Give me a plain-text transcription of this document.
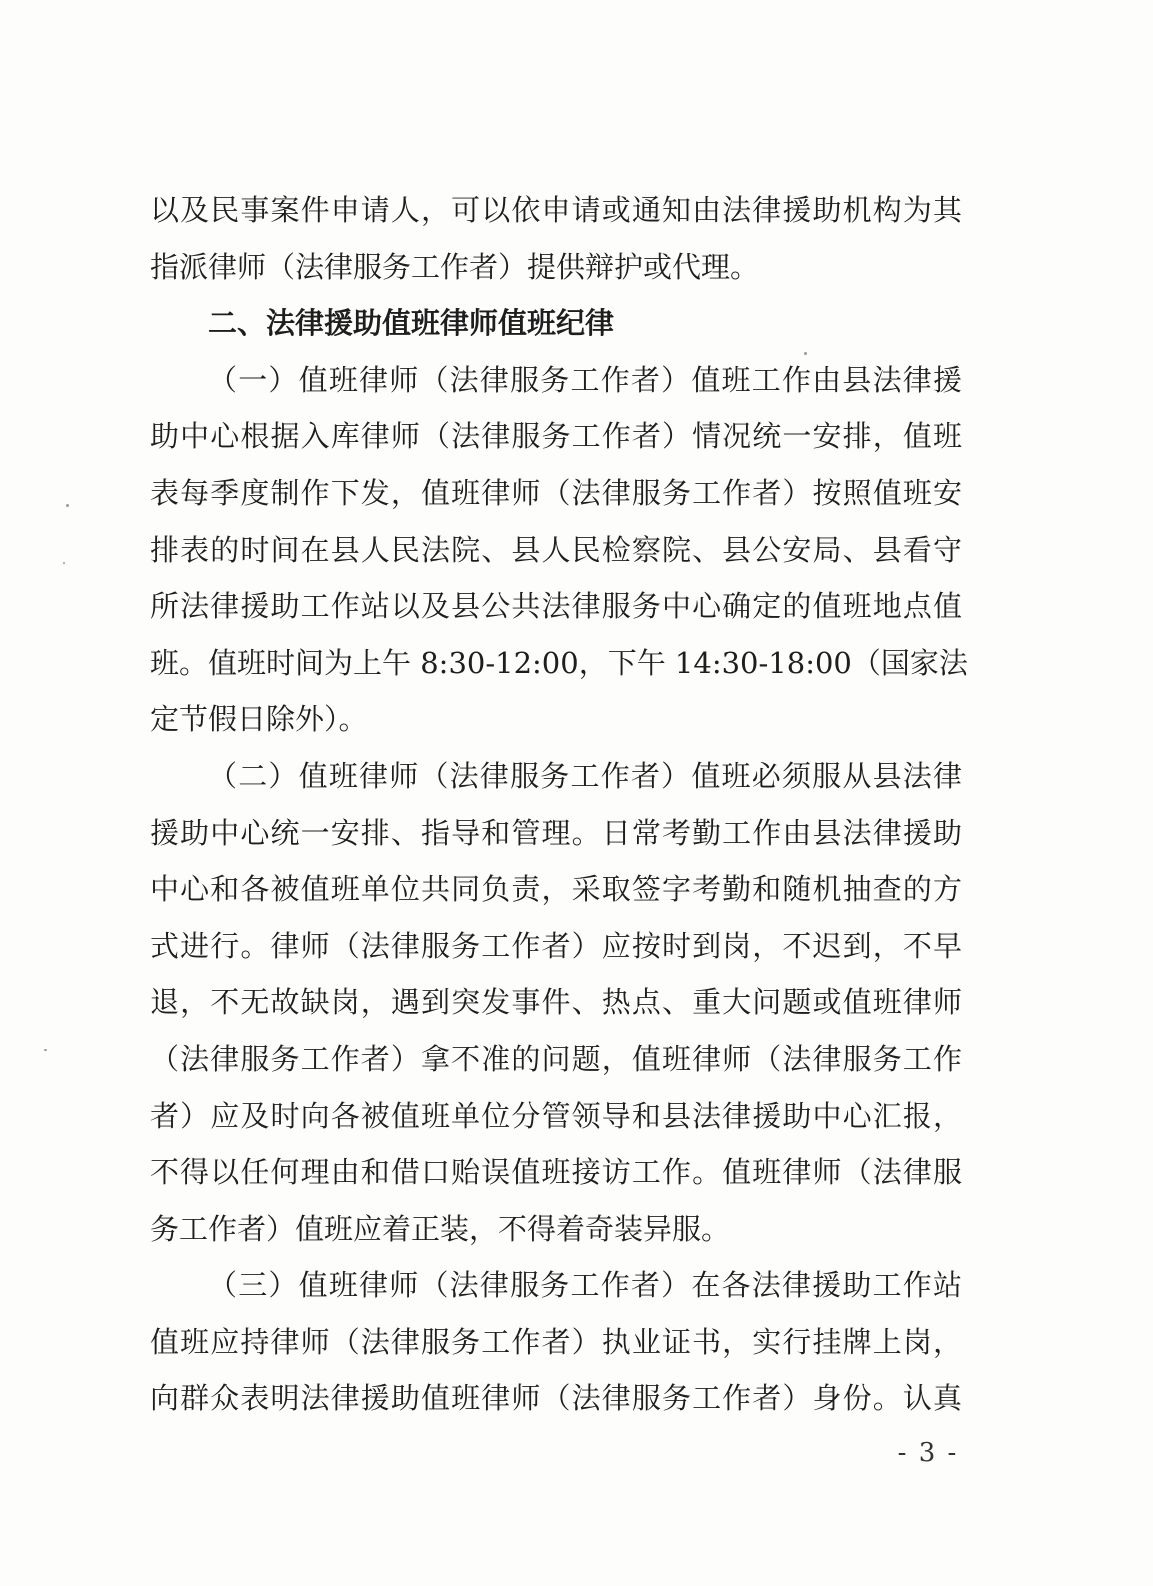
以及民事案件申请人，可以依申请或通知由法律援助机构为其
指派律师（法律服务工作者）提供辩护或代理。
二、法律援助值班律师值班纪律
（一）值班律师（法律服务工作者）值班工作由县法律援
助中心根据入库律师（法律服务工作者）情况统一安排，值班
表每季度制作下发，值班律师（法律服务工作者）按照值班安
排表的时间在县人民法院、县人民检察院、县公安局、县看守
所法律援助工作站以及县公共法律服务中心确定的值班地点值
班。值班时间为上午 8:30-12:00，下午 14:30-18:00（国家法
定节假日除外）。
（二）值班律师（法律服务工作者）值班必须服从县法律
援助中心统一安排、指导和管理。日常考勤工作由县法律援助
中心和各被值班单位共同负责，采取签字考勤和随机抽查的方
式进行。律师（法律服务工作者）应按时到岗，不迟到，不早
退，不无故缺岗，遇到突发事件、热点、重大问题或值班律师
（法律服务工作者）拿不准的问题，值班律师（法律服务工作
者）应及时向各被值班单位分管领导和县法律援助中心汇报，
不得以任何理由和借口贻误值班接访工作。值班律师（法律服
务工作者）值班应着正装，不得着奇装异服。
（三）值班律师（法律服务工作者）在各法律援助工作站
值班应持律师（法律服务工作者）执业证书，实行挂牌上岗，
向群众表明法律援助值班律师（法律服务工作者）身份。认真
- 3 -
